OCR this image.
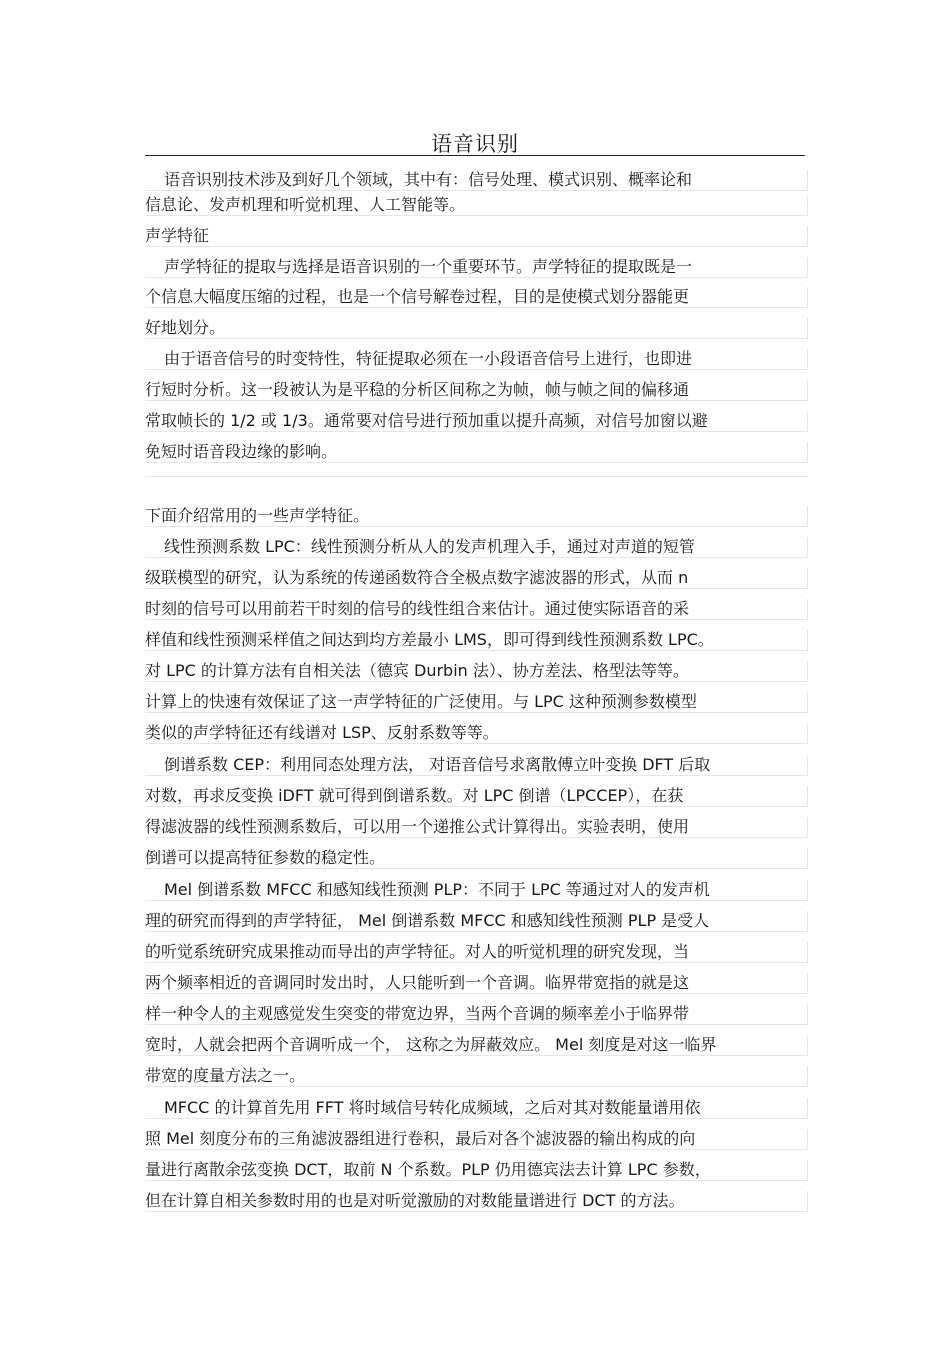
语音识别
语音识别技术涉及到好几个领域，其中有：信号处理、模式识别、概率论和
信息论、发声机理和听觉机理、人工智能等。
声学特征
声学特征的提取与选择是语音识别的一个重要环节。声学特征的提取既是一
个信息大幅度压缩的过程，也是一个信号解卷过程，目的是使模式划分器能更
好地划分。
由于语音信号的时变特性，特征提取必须在一小段语音信号上进行，也即进
行短时分析。这一段被认为是平稳的分析区间称之为帧，帧与帧之间的偏移通
常取帧长的 1/2 或 1/3。通常要对信号进行预加重以提升高频，对信号加窗以避
免短时语音段边缘的影响。
下面介绍常用的一些声学特征。
线性预测系数 LPC：线性预测分析从人的发声机理入手，通过对声道的短管
级联模型的研究，认为系统的传递函数符合全极点数字滤波器的形式，从而 n
时刻的信号可以用前若干时刻的信号的线性组合来估计。通过使实际语音的采
样值和线性预测采样值之间达到均方差最小 LMS，即可得到线性预测系数 LPC。
对 LPC 的计算方法有自相关法（德宾 Durbin 法）、协方差法、格型法等等。
计算上的快速有效保证了这一声学特征的广泛使用。与 LPC 这种预测参数模型
类似的声学特征还有线谱对 LSP、反射系数等等。
倒谱系数 CEP：利用同态处理方法， 对语音信号求离散傅立叶变换 DFT 后取
对数，再求反变换 iDFT 就可得到倒谱系数。对 LPC 倒谱（LPCCEP），在获
得滤波器的线性预测系数后，可以用一个递推公式计算得出。实验表明，使用
倒谱可以提高特征参数的稳定性。
Mel 倒谱系数 MFCC 和感知线性预测 PLP：不同于 LPC 等通过对人的发声机
理的研究而得到的声学特征， Mel 倒谱系数 MFCC 和感知线性预测 PLP 是受人
的听觉系统研究成果推动而导出的声学特征。对人的听觉机理的研究发现，当
两个频率相近的音调同时发出时，人只能听到一个音调。临界带宽指的就是这
样一种令人的主观感觉发生突变的带宽边界，当两个音调的频率差小于临界带
宽时，人就会把两个音调听成一个， 这称之为屏蔽效应。 Mel 刻度是对这一临界
带宽的度量方法之一。
MFCC 的计算首先用 FFT 将时域信号转化成频域，之后对其对数能量谱用依
照 Mel 刻度分布的三角滤波器组进行卷积，最后对各个滤波器的输出构成的向
量进行离散余弦变换 DCT，取前 N 个系数。PLP 仍用德宾法去计算 LPC 参数，
但在计算自相关参数时用的也是对听觉激励的对数能量谱进行 DCT 的方法。
